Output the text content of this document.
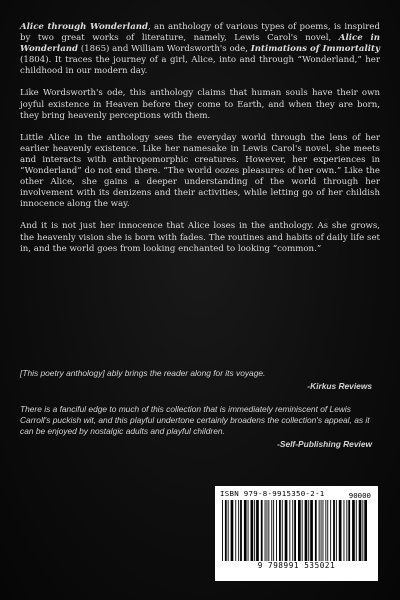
Alice through Wonderland, an anthology of various types of poems, is inspired by two great works of literature, namely, Lewis Carol's novel, Alice in Wonderland (1865) and William Wordsworth's ode, Intimations of Immortality (1804). It traces the journey of a girl, Alice, into and through “Wonderland,” her childhood in our modern day.

Like Wordsworth's ode, this anthology claims that human souls have their own joyful existence in Heaven before they come to Earth, and when they are born, they bring heavenly perceptions with them.

Little Alice in the anthology sees the everyday world through the lens of her earlier heavenly existence. Like her namesake in Lewis Carol's novel, she meets and interacts with anthropomorphic creatures. However, her experiences in “Wonderland” do not end there. “The world oozes pleasures of her own.” Like the other Alice, she gains a deeper understanding of the world through her involvement with its denizens and their activities, while letting go of her childish innocence along the way.

And it is not just her innocence that Alice loses in the anthology. As she grows, the heavenly vision she is born with fades. The routines and habits of daily life set in, and the world goes from looking enchanted to looking “common.”

[This poetry anthology] ably brings the reader along for its voyage.

-Kirkus Reviews

There is a fanciful edge to much of this collection that is immediately reminiscent of Lewis Carroll's puckish wit, and this playful undertone certainly broadens the collection's appeal, as it can be enjoyed by nostalgic adults and playful children.

-Self-Publishing Review

ISBN 979-8-9915350-2-1	90000
9 798991 535021
